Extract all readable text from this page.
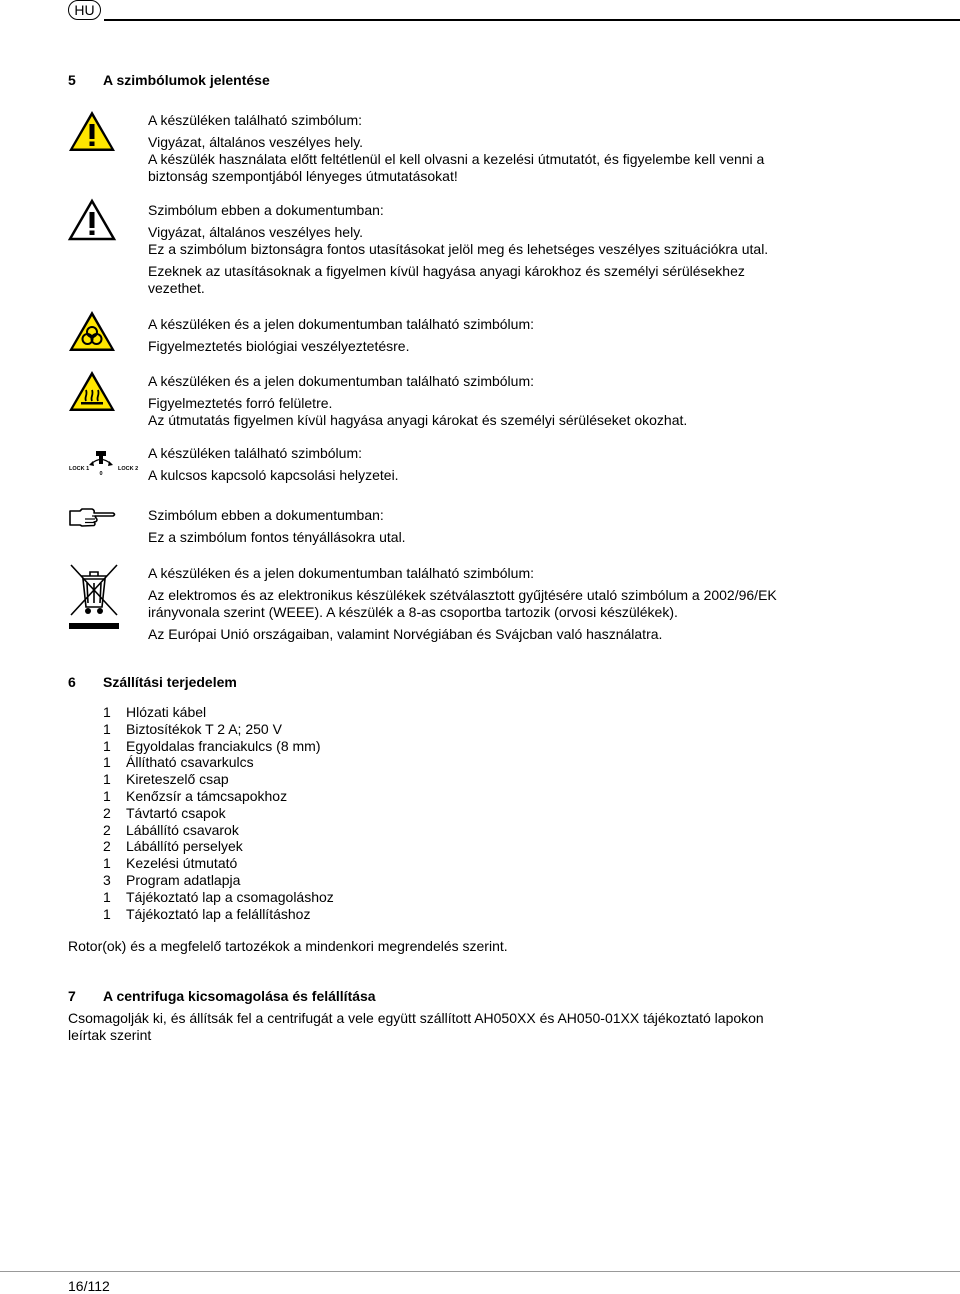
HU
5 A szimbólumok jelentése
A készüléken található szimbólum:
Vigyázat, általános veszélyes hely.
A készülék használata előtt feltétlenül el kell olvasni a kezelési útmutatót, és figyelembe kell venni a
biztonság szempontjából lényeges útmutatásokat!
Szimbólum ebben a dokumentumban:
Vigyázat, általános veszélyes hely.
Ez a szimbólum biztonságra fontos utasításokat jelöl meg és lehetséges veszélyes szituációkra utal.
Ezeknek az utasításoknak a figyelmen kívül hagyása anyagi károkhoz és személyi sérülésekhez
vezethet.
A készüléken és a jelen dokumentumban található szimbólum:
Figyelmeztetés biológiai veszélyeztetésre.
A készüléken és a jelen dokumentumban található szimbólum:
Figyelmeztetés forró felületre.
Az útmutatás figyelmen kívül hagyása anyagi károkat és személyi sérüléseket okozhat.
LOCK 1
0
LOCK 2
A készüléken található szimbólum:
A kulcsos kapcsoló kapcsolási helyzetei.
Szimbólum ebben a dokumentumban:
Ez a szimbólum fontos tényállásokra utal.
A készüléken és a jelen dokumentumban található szimbólum:
Az elektromos és az elektronikus készülékek szétválasztott gyűjtésére utaló szimbólum a 2002/96/EK
irányvonala szerint (WEEE). A készülék a 8-as csoportba tartozik (orvosi készülékek).
Az Európai Unió országaiban, valamint Norvégiában és Svájcban való használatra.
6 Szállítási terjedelem
1 Hlózati kábel
1 Biztosítékok T 2 A; 250 V
1 Egyoldalas franciakulcs (8 mm)
1 Állítható csavarkulcs
1 Kireteszelő csap
1 Kenőzsír a támcsapokhoz
2 Távtartó csapok
2 Lábállító csavarok
2 Lábállító perselyek
1 Kezelési útmutató
3 Program adatlapja
1 Tájékoztató lap a csomagoláshoz
1 Tájékoztató lap a felállításhoz
Rotor(ok) és a megfelelő tartozékok a mindenkori megrendelés szerint.
7 A centrifuga kicsomagolása és felállítása
Csomagolják ki, és állítsák fel a centrifugát a vele együtt szállított AH050XX és AH050-01XX tájékoztató lapokon
leírtak szerint
16/112
